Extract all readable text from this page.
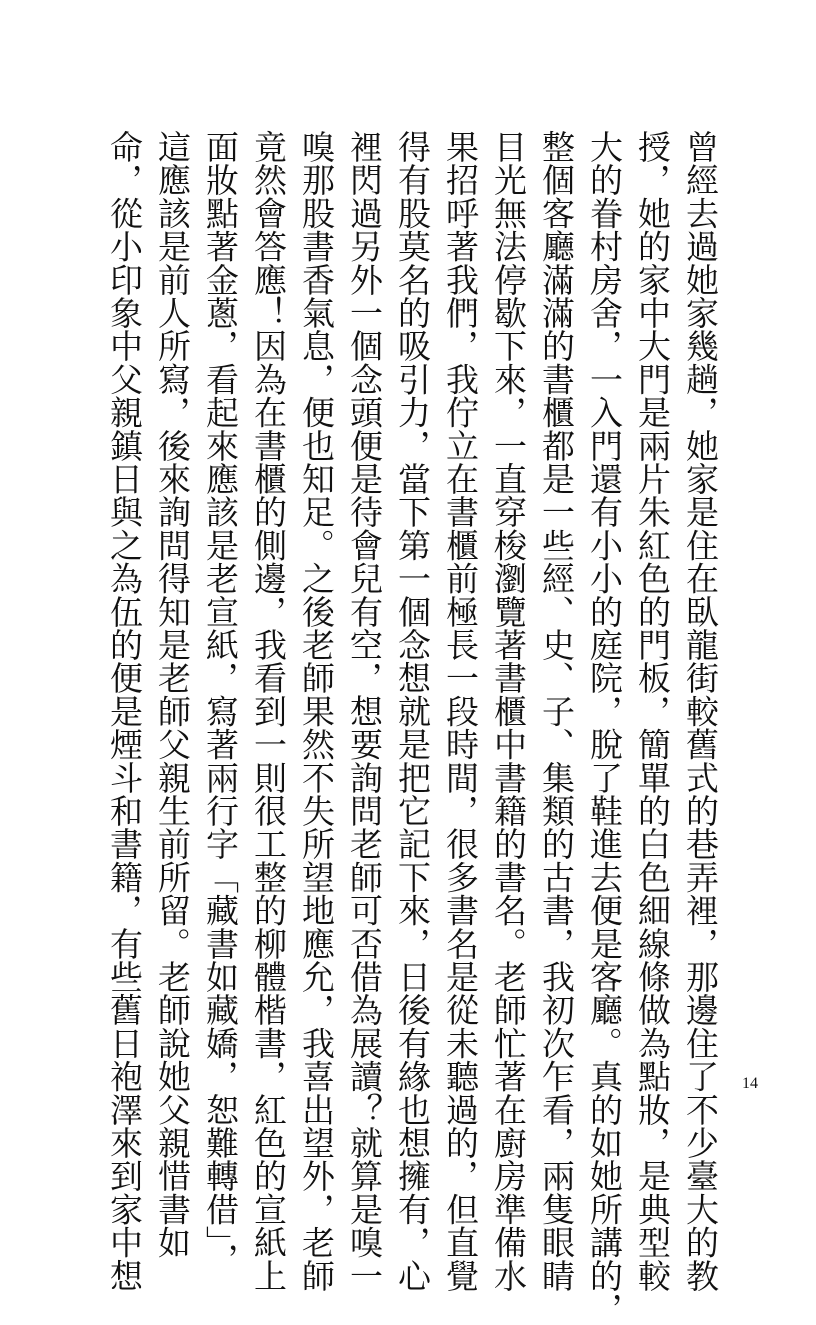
曾經去過她家幾趟，她家是住在臥龍街較舊式的巷弄裡，那邊住了不少臺大的教
授，她的家中大門是兩片朱紅色的門板，簡單的白色細線條做為點妝，是典型較
大的眷村房舍，一入門還有小小的庭院，脫了鞋進去便是客廳。真的如她所講的，
整個客廳滿滿的書櫃都是一些經、史、子、集類的古書，我初次乍看，兩隻眼睛
目光無法停歇下來，一直穿梭瀏覽著書櫃中書籍的書名。老師忙著在廚房準備水
果招呼著我們，我佇立在書櫃前極長一段時間，很多書名是從未聽過的，但直覺
得有股莫名的吸引力，當下第一個念想就是把它記下來，日後有緣也想擁有，心
裡閃過另外一個念頭便是待會兒有空，想要詢問老師可否借為展讀？就算是嗅一
嗅那股書香氣息，便也知足。之後老師果然不失所望地應允，我喜出望外，老師
竟然會答應！因為在書櫃的側邊，我看到一則很工整的柳體楷書，紅色的宣紙上
面妝點著金蔥，看起來應該是老宣紙，寫著兩行字「藏書如藏嬌，恕難轉借」，
這應該是前人所寫，後來詢問得知是老師父親生前所留。老師說她父親惜書如
命，從小印象中父親鎮日與之為伍的便是煙斗和書籍，有些舊日袍澤來到家中想	14
